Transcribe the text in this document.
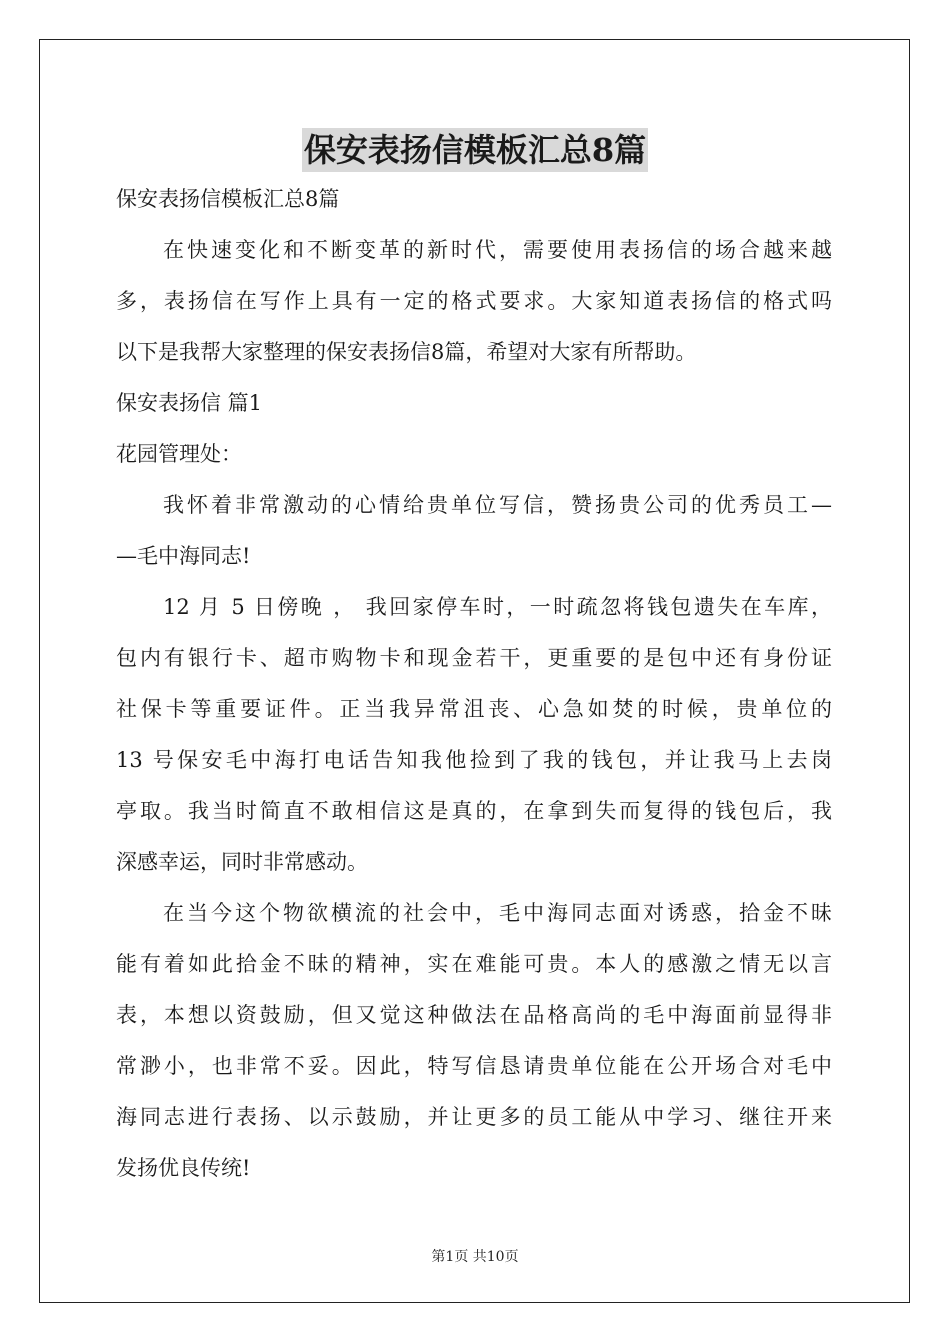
保安表扬信模板汇总8篇
保安表扬信模板汇总8篇
在快速变化和不断变革的新时代，需要使用表扬信的场合越来越
多，表扬信在写作上具有一定的格式要求。大家知道表扬信的格式吗
以下是我帮大家整理的保安表扬信8篇，希望对大家有所帮助。
保安表扬信 篇1
花园管理处：
我怀着非常激动的心情给贵单位写信，赞扬贵公司的优秀员工—
—毛中海同志!
12 月 5 日傍晚 ， 我回家停车时，一时疏忽将钱包遗失在车库，
包内有银行卡、超市购物卡和现金若干，更重要的是包中还有身份证
社保卡等重要证件。正当我异常沮丧、心急如焚的时候，贵单位的
13 号保安毛中海打电话告知我他捡到了我的钱包，并让我马上去岗
亭取。我当时简直不敢相信这是真的，在拿到失而复得的钱包后，我
深感幸运，同时非常感动。
在当今这个物欲横流的社会中，毛中海同志面对诱惑，拾金不昧
能有着如此拾金不昧的精神，实在难能可贵。本人的感激之情无以言
表，本想以资鼓励，但又觉这种做法在品格高尚的毛中海面前显得非
常渺小，也非常不妥。因此，特写信恳请贵单位能在公开场合对毛中
海同志进行表扬、以示鼓励，并让更多的员工能从中学习、继往开来
发扬优良传统!
第1页 共10页
